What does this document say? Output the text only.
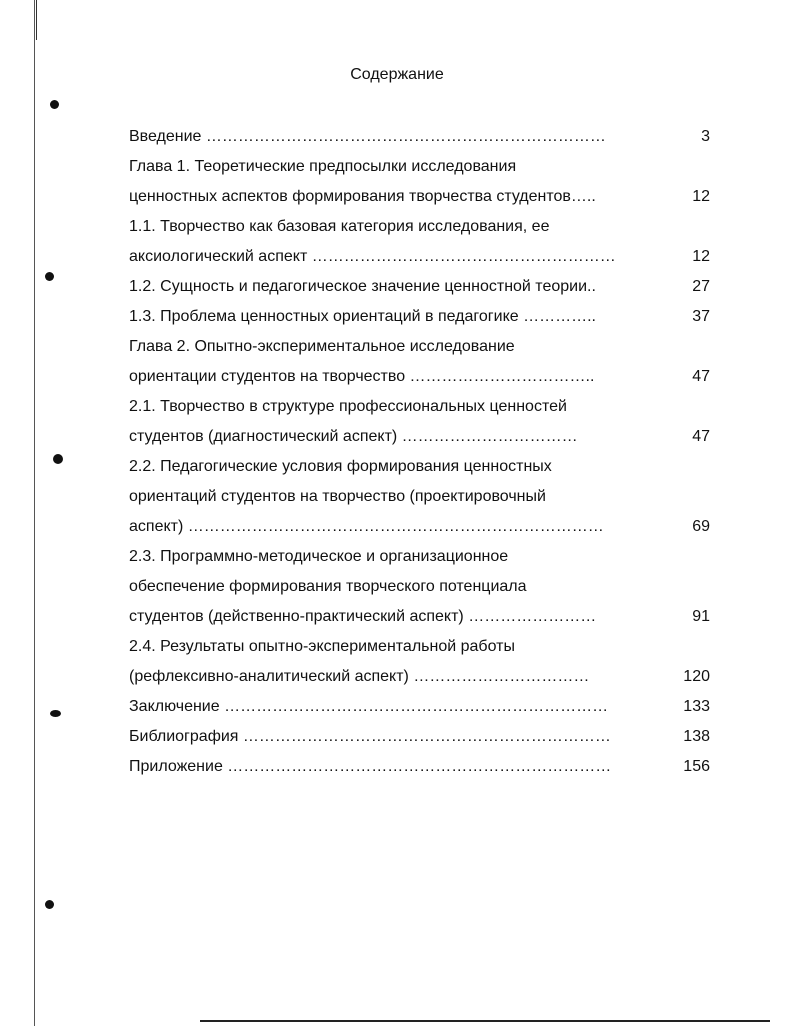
Содержание
Введение …………………………………………………………………	3
Глава 1. Теоретические предпосылки исследования
ценностных аспектов формирования творчества студентов…..	12
1.1. Творчество как базовая категория исследования, ее
аксиологический аспект …………………………………………………	12
1.2. Сущность и педагогическое значение ценностной теории..	27
1.3. Проблема ценностных ориентаций в педагогике …………..	37
Глава 2. Опытно-экспериментальное исследование
ориентации студентов на творчество ……………………………..	47
2.1. Творчество в структуре профессиональных ценностей
студентов (диагностический аспект) ……………………………	47
2.2. Педагогические условия формирования ценностных
ориентаций студентов на творчество (проектировочный
аспект) ……………………………………………………………………	69
2.3. Программно-методическое и организационное
обеспечение формирования творческого потенциала
студентов (действенно-практический аспект) ……………………	91
2.4. Результаты опытно-экспериментальной работы
(рефлексивно-аналитический аспект) ……………………………	120
Заключение ………………………………………………………………	133
Библиография ……………………………………………………………	138
Приложение ………………………………………………………………	156
